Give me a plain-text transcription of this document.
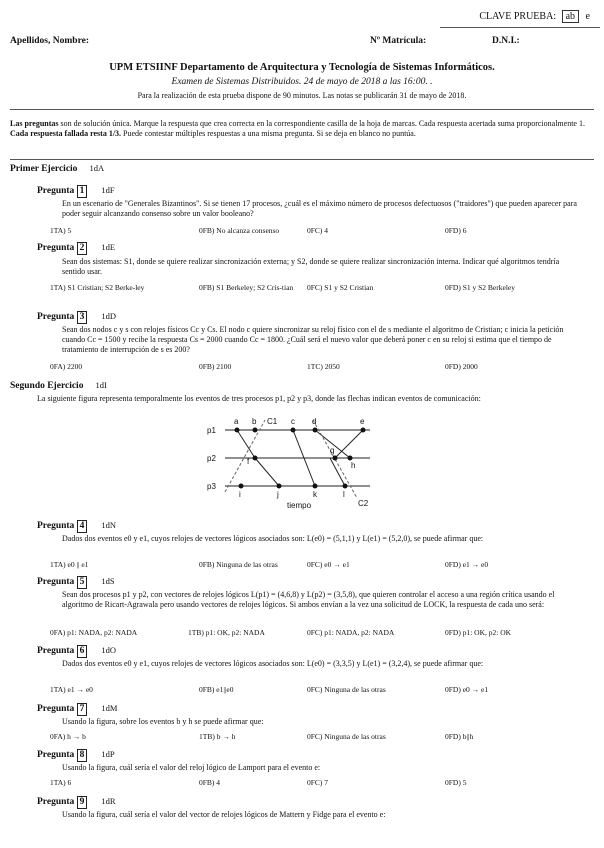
CLAVE PRUEBA: ab e
Apellidos, Nombre:	Nº Matrícula:	D.N.I.:
UPM ETSIINF Departamento de Arquitectura y Tecnología de Sistemas Informáticos.
Examen de Sistemas Distribuidos. 24 de mayo de 2018 a las 16:00. .
Para la realización de esta prueba dispone de 90 minutos. Las notas se publicarán 31 de mayo de 2018.
Las preguntas son de solución única. Marque la respuesta que crea correcta en la correspondiente casilla de la hoja de marcas. Cada respuesta acertada suma proporcionalmente 1. Cada respuesta fallada resta 1/3. Puede contestar múltiples respuestas a una misma pregunta. Si se deja en blanco no puntúa.
Primer Ejercicio 1dA
Pregunta 1 1dF
En un escenario de "Generales Bizantinos". Si se tienen 17 procesos, ¿cuál es el máximo número de procesos defectuosos ("traidores") que pueden aparecer para poder seguir alcanzando consenso sobre un valor booleano?
1TA) 5	0FB) No alcanza consenso	0FC) 4	0FD) 6
Pregunta 2 1dE
Sean dos sistemas: S1, donde se quiere realizar sincronización externa; y S2, donde se quiere realizar sincronización interna. Indicar qué algoritmos tendría sentido usar.
1TA) S1 Cristian; S2 Berke-ley	0FB) S1 Berkeley; S2 Cris-tian	0FC) S1 y S2 Cristian	0FD) S1 y S2 Berkeley
Pregunta 3 1dD
Sean dos nodos c y s con relojes físicos Cc y Cs. El nodo c quiere sincronizar su reloj físico con el de s mediante el algoritmo de Cristian; c inicia la petición cuando Cc = 1500 y recibe la respuesta Cs = 2000 cuando Cc = 1800. ¿Cuál será el nuevo valor que deberá poner c en su reloj si estima que el tiempo de tratamiento de interrupción de s es 200?
0FA) 2200	0FB) 2100	1TC) 2050	0FD) 2000
Segundo Ejercicio 1dI
La siguiente figura representa temporalmente los eventos de tres procesos p1, p2 y p3, donde las flechas indican eventos de comunicación:
p1
p2
p3
a b	c d	e
f
g
h
i	j	k	l
C1
C2
tiempo
Pregunta 4 1dN
Dados dos eventos e0 y e1, cuyos relojes de vectores lógicos asociados son: L(e0) = (5,1,1) y L(e1) = (5,2,0), se puede afirmar que:
1TA) e0 || e1	0FB) Ninguna de las otras	0FC) e0 → e1	0FD) e1 → e0
Pregunta 5 1dS
Sean dos procesos p1 y p2, con vectores de relojes lógicos L(p1) = (4,6,8) y L(p2) = (3,5,8), que quieren controlar el acceso a una región crítica usando el algoritmo de Ricart-Agrawala pero usando vectores de relojes lógicos. Si ambos envían a la vez una solicitud de LOCK, la respuesta de cada uno será:
0FA) p1: NADA, p2: NADA	1TB) p1: OK, p2: NADA	0FC) p1: NADA, p2: NADA	0FD) p1: OK, p2: OK
Pregunta 6 1dO
Dados dos eventos e0 y e1, cuyos relojes de vectores lógicos asociados son: L(e0) = (3,3,5) y L(e1) = (3,2,4), se puede afirmar que:
1TA) e1 → e0	0FB) e1||e0	0FC) Ninguna de las otras	0FD) e0 → e1
Pregunta 7 1dM
Usando la figura, sobre los eventos b y h se puede afirmar que:
0FA) h → b	1TB) b → h	0FC) Ninguna de las otras	0FD) b||h
Pregunta 8 1dP
Usando la figura, cuál sería el valor del reloj lógico de Lamport para el evento e:
1TA) 6	0FB) 4	0FC) 7	0FD) 5
Pregunta 9 1dR
Usando la figura, cuál sería el valor del vector de relojes lógicos de Mattern y Fidge para el evento e:
